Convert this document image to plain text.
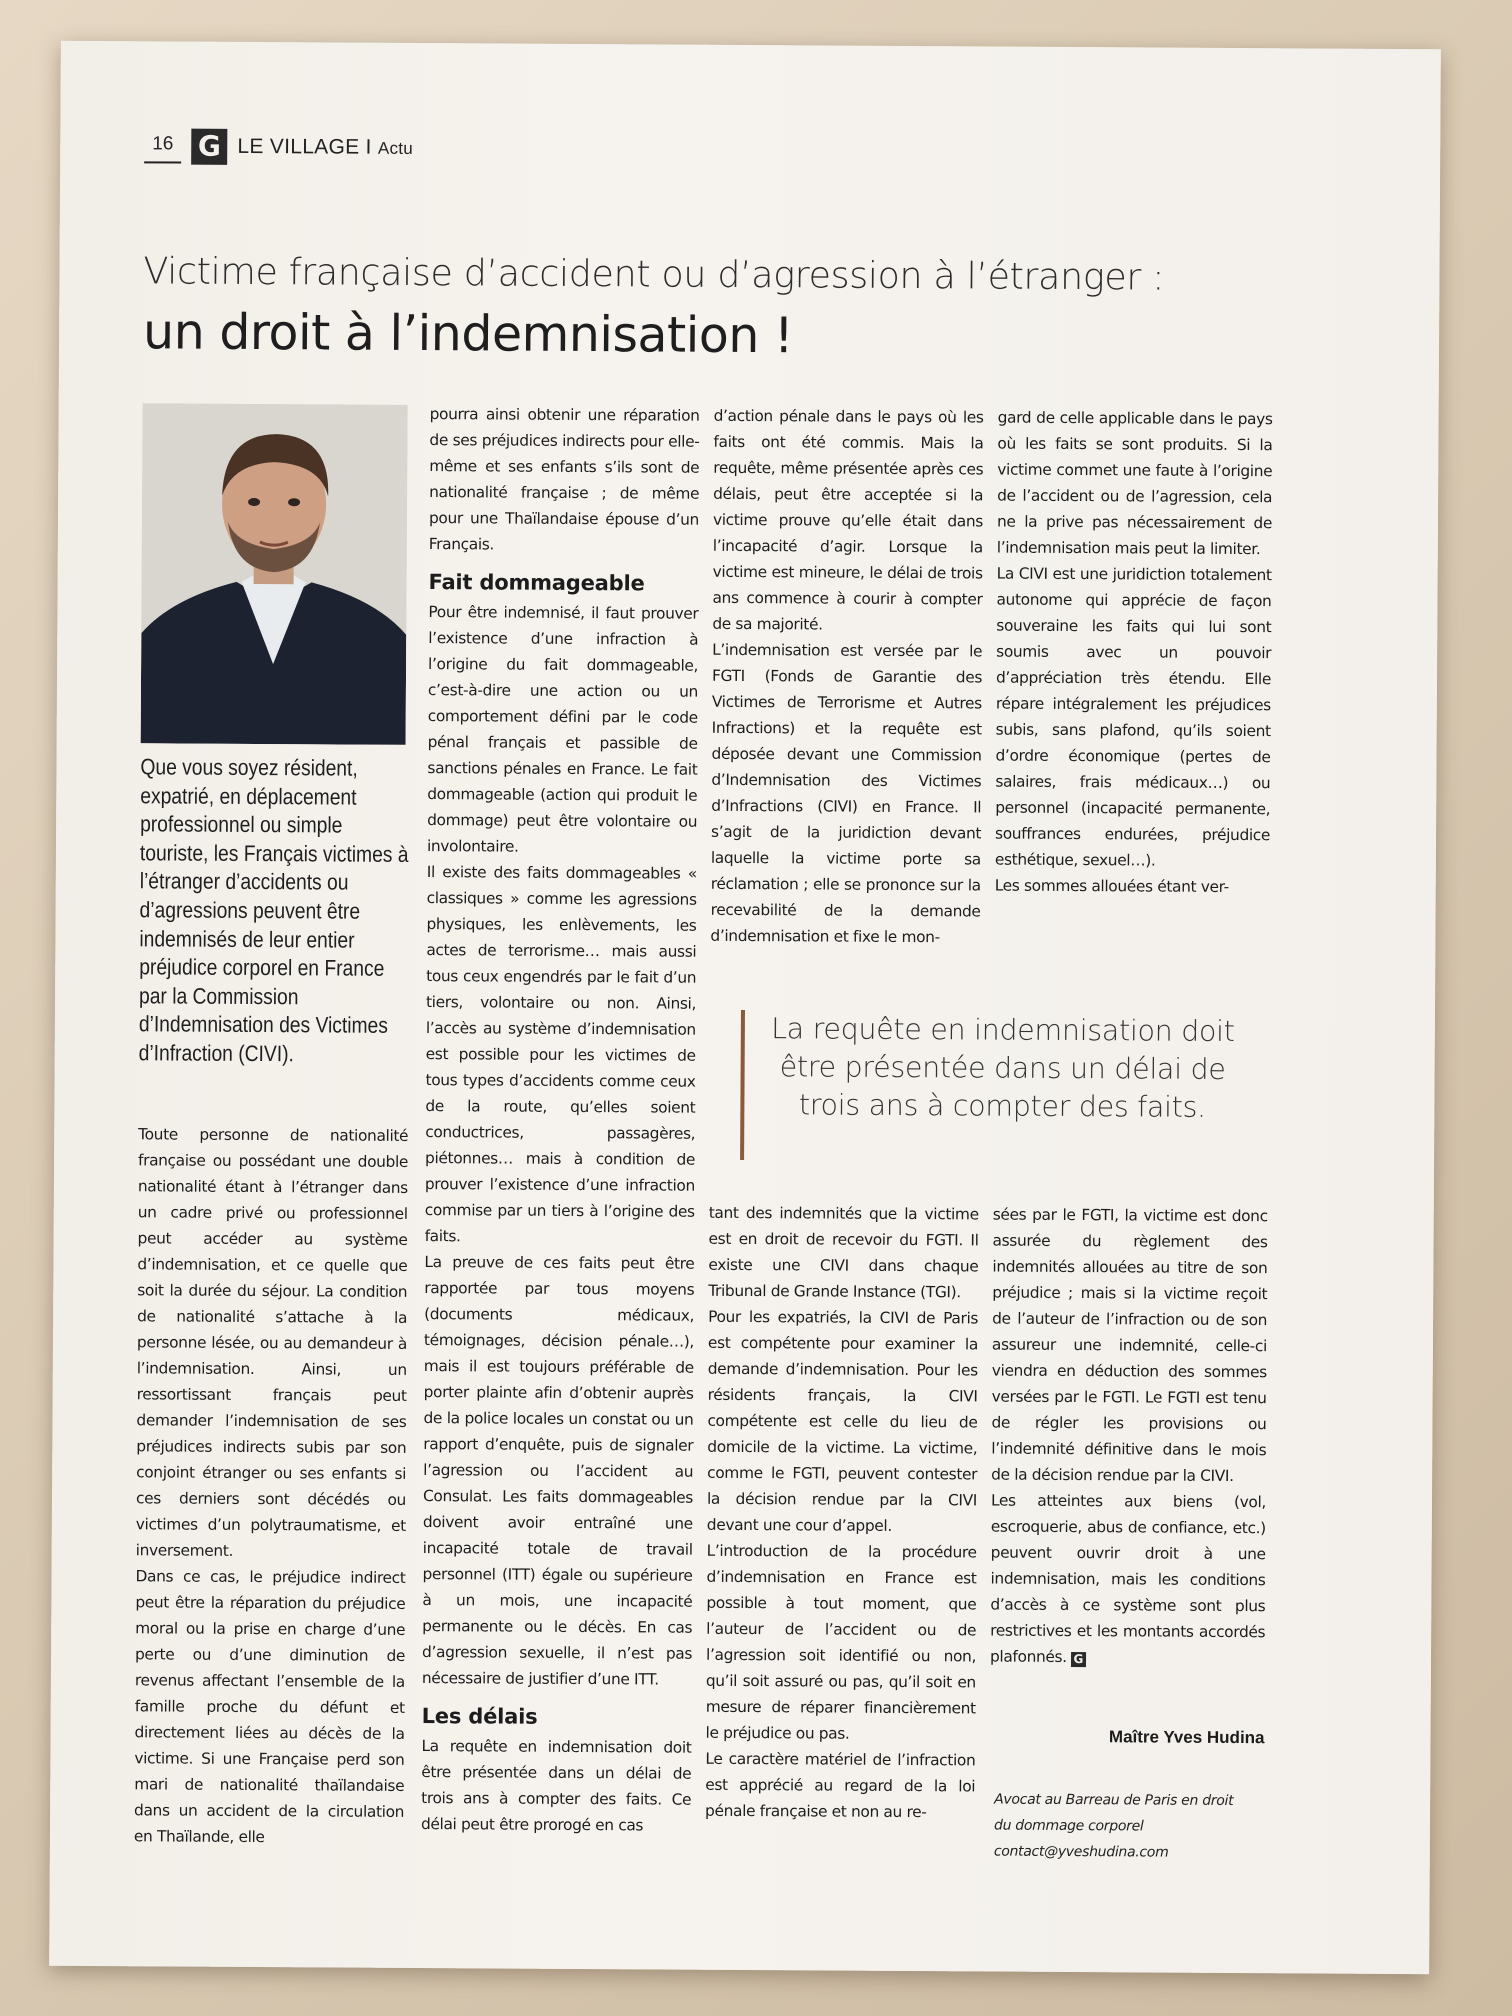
16 G LE VILLAGE I Actu
Victime française d’accident ou d’agression à l’étranger :
un droit à l’indemnisation !
Que vous soyez résident, expatrié, en déplacement professionnel ou simple touriste, les Français victimes à l’étranger d’accidents ou d’agressions peuvent être indemnisés de leur entier préjudice corporel en France par la Commission d’Indemnisation des Victimes d’Infraction (CIVI).

Toute personne de nationalité française ou possédant une double nationalité étant à l’étranger dans un cadre privé ou professionnel peut accéder au système d’indemnisation, et ce quelle que soit la durée du séjour. La condition de nationalité s’attache à la personne lésée, ou au demandeur à l’indemnisation. Ainsi, un ressortissant français peut demander l’indemnisation de ses préjudices indirects subis par son conjoint étranger ou ses enfants si ces derniers sont décédés ou victimes d’un polytraumatisme, et inversement.

Dans ce cas, le préjudice indirect peut être la réparation du préjudice moral ou la prise en charge d’une perte ou d’une diminution de revenus affectant l’ensemble de la famille proche du défunt et directement liées au décès de la victime. Si une Française perd son mari de nationalité thaïlandaise dans un accident de la circulation en Thaïlande, elle

pourra ainsi obtenir une réparation de ses préjudices indirects pour elle-même et ses enfants s’ils sont de nationalité française ; de même pour une Thaïlandaise épouse d’un Français.

Fait dommageable

Pour être indemnisé, il faut prouver l’existence d’une infraction à l’origine du fait dommageable, c’est-à-dire une action ou un comportement défini par le code pénal français et passible de sanctions pénales en France. Le fait dommageable (action qui produit le dommage) peut être volontaire ou involontaire.

Il existe des faits dommageables « classiques » comme les agressions physiques, les enlèvements, les actes de terrorisme… mais aussi tous ceux engendrés par le fait d’un tiers, volontaire ou non. Ainsi, l’accès au système d’indemnisation est possible pour les victimes de tous types d’accidents comme ceux de la route, qu’elles soient conductrices, passagères, piétonnes… mais à condition de prouver l’existence d’une infraction commise par un tiers à l’origine des faits.

La preuve de ces faits peut être rapportée par tous moyens (documents médicaux, témoignages, décision pénale…), mais il est toujours préférable de porter plainte afin d’obtenir auprès de la police locales un constat ou un rapport d’enquête, puis de signaler l’agression ou l’accident au Consulat. Les faits dommageables doivent avoir entraîné une incapacité totale de travail personnel (ITT) égale ou supérieure à un mois, une incapacité permanente ou le décès. En cas d’agression sexuelle, il n’est pas nécessaire de justifier d’une ITT.

Les délais

La requête en indemnisation doit être présentée dans un délai de trois ans à compter des faits. Ce délai peut être prorogé en cas

d’action pénale dans le pays où les faits ont été commis. Mais la requête, même présentée après ces délais, peut être acceptée si la victime prouve qu’elle était dans l’incapacité d’agir. Lorsque la victime est mineure, le délai de trois ans commence à courir à compter de sa majorité.

L’indemnisation est versée par le FGTI (Fonds de Garantie des Victimes de Terrorisme et Autres Infractions) et la requête est déposée devant une Commission d’Indemnisation des Victimes d’Infractions (CIVI) en France. Il s’agit de la juridiction devant laquelle la victime porte sa réclamation ; elle se prononce sur la recevabilité de la demande d’indemnisation et fixe le mon-

gard de celle applicable dans le pays où les faits se sont produits. Si la victime commet une faute à l’origine de l’accident ou de l’agression, cela ne la prive pas nécessairement de l’indemnisation mais peut la limiter.

La CIVI est une juridiction totalement autonome qui apprécie de façon souveraine les faits qui lui sont soumis avec un pouvoir d’appréciation très étendu. Elle répare intégralement les préjudices subis, sans plafond, qu’ils soient d’ordre économique (pertes de salaires, frais médicaux…) ou personnel (incapacité permanente, souffrances endurées, préjudice esthétique, sexuel…).

Les sommes allouées étant ver-

La requête en indemnisation doit être présentée dans un délai de trois ans à compter des faits.

tant des indemnités que la victime est en droit de recevoir du FGTI. Il existe une CIVI dans chaque Tribunal de Grande Instance (TGI).

Pour les expatriés, la CIVI de Paris est compétente pour examiner la demande d’indemnisation. Pour les résidents français, la CIVI compétente est celle du lieu de domicile de la victime. La victime, comme le FGTI, peuvent contester la décision rendue par la CIVI devant une cour d’appel.

L’introduction de la procédure d’indemnisation en France est possible à tout moment, que l’auteur de l’accident ou de l’agression soit identifié ou non, qu’il soit assuré ou pas, qu’il soit en mesure de réparer financièrement le préjudice ou pas.

Le caractère matériel de l’infraction est apprécié au regard de la loi pénale française et non au re-

sées par le FGTI, la victime est donc assurée du règlement des indemnités allouées au titre de son préjudice ; mais si la victime reçoit de l’auteur de l’infraction ou de son assureur une indemnité, celle-ci viendra en déduction des sommes versées par le FGTI. Le FGTI est tenu de régler les provisions ou l’indemnité définitive dans le mois de la décision rendue par la CIVI.

Les atteintes aux biens (vol, escroquerie, abus de confiance, etc.) peuvent ouvrir droit à une indemnisation, mais les conditions d’accès à ce système sont plus restrictives et les montants accordés plafonnés. G

Maître Yves Hudina
Avocat au Barreau de Paris en droit
du dommage corporel
contact@yveshudina.com
